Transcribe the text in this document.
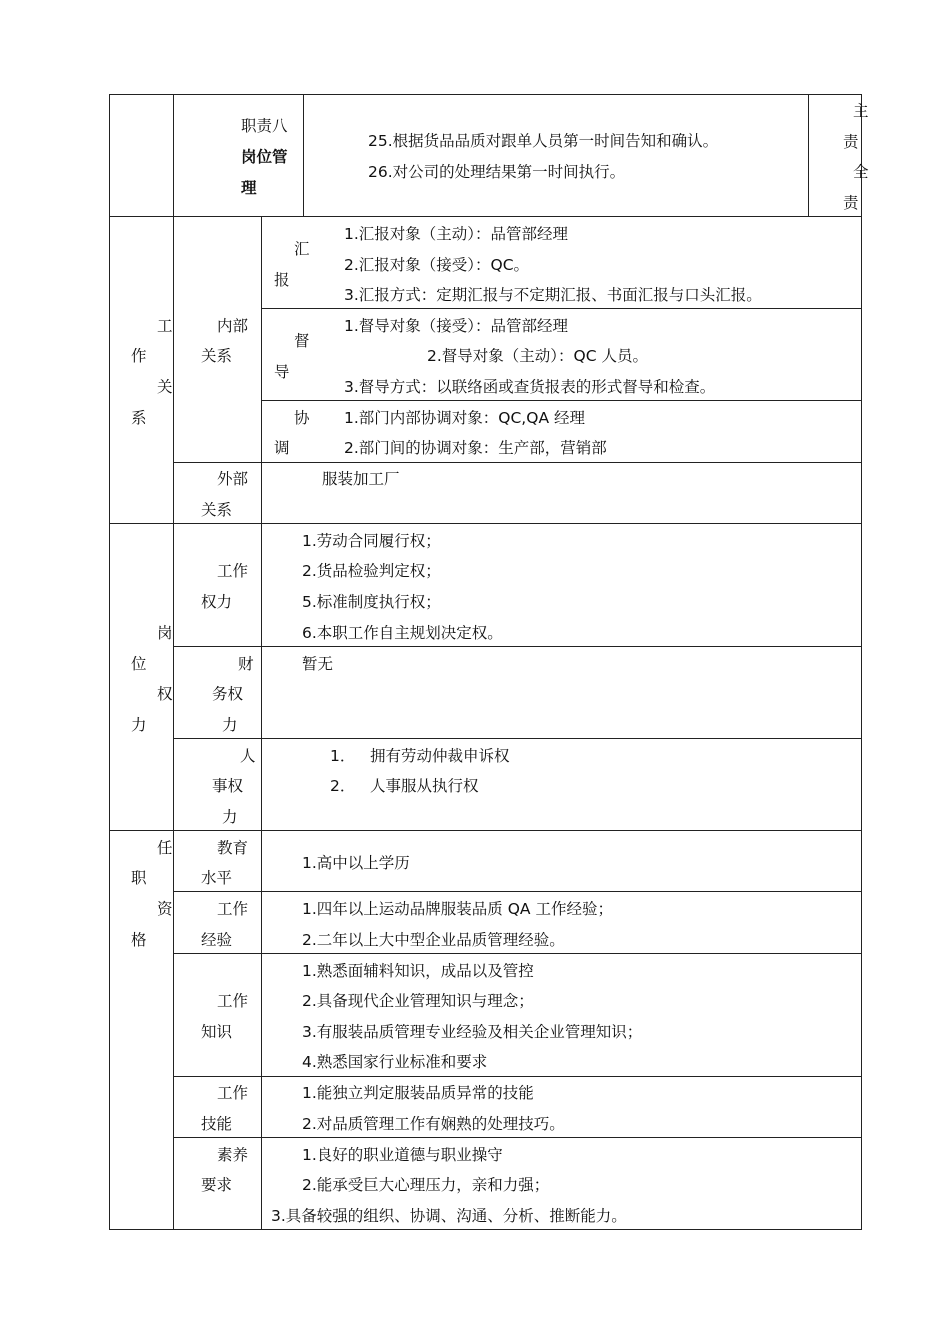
职责八
岗位管
理
25.根据货品品质对跟单人员第一时间告知和确认。
26.对公司的处理结果第一时间执行。
主
责
全
责
工
作
关
系
内部
关系
汇
报
1.汇报对象（主动）：品管部经理
2.汇报对象（接受）：QC。
3.汇报方式：定期汇报与不定期汇报、书面汇报与口头汇报。
督
导
1.督导对象（接受）：品管部经理
2.督导对象（主动）：QC 人员。
3.督导方式：以联络函或查货报表的形式督导和检查。
协
调
1.部门内部协调对象：QC,QA 经理
2.部门间的协调对象：生产部，营销部
外部
关系
服装加工厂
岗
位
权
力
工作
权力
1.劳动合同履行权；
2.货品检验判定权；
5.标准制度执行权；
6.本职工作自主规划决定权。
财
务权
力
暂无
人
事权
力
1． 拥有劳动仲裁申诉权
2． 人事服从执行权
任
职
资
格
教育
水平
1.高中以上学历
工作
经验
1.四年以上运动品牌服装品质 QA 工作经验；
2.二年以上大中型企业品质管理经验。
工作
知识
1.熟悉面辅料知识，成品以及管控
2.具备现代企业管理知识与理念；
3.有服装品质管理专业经验及相关企业管理知识；
4.熟悉国家行业标准和要求
工作
技能
1.能独立判定服装品质异常的技能
2.对品质管理工作有娴熟的处理技巧。
素养
要求
1.良好的职业道德与职业操守
2.能承受巨大心理压力，亲和力强；
3.具备较强的组织、协调、沟通、分析、推断能力。
